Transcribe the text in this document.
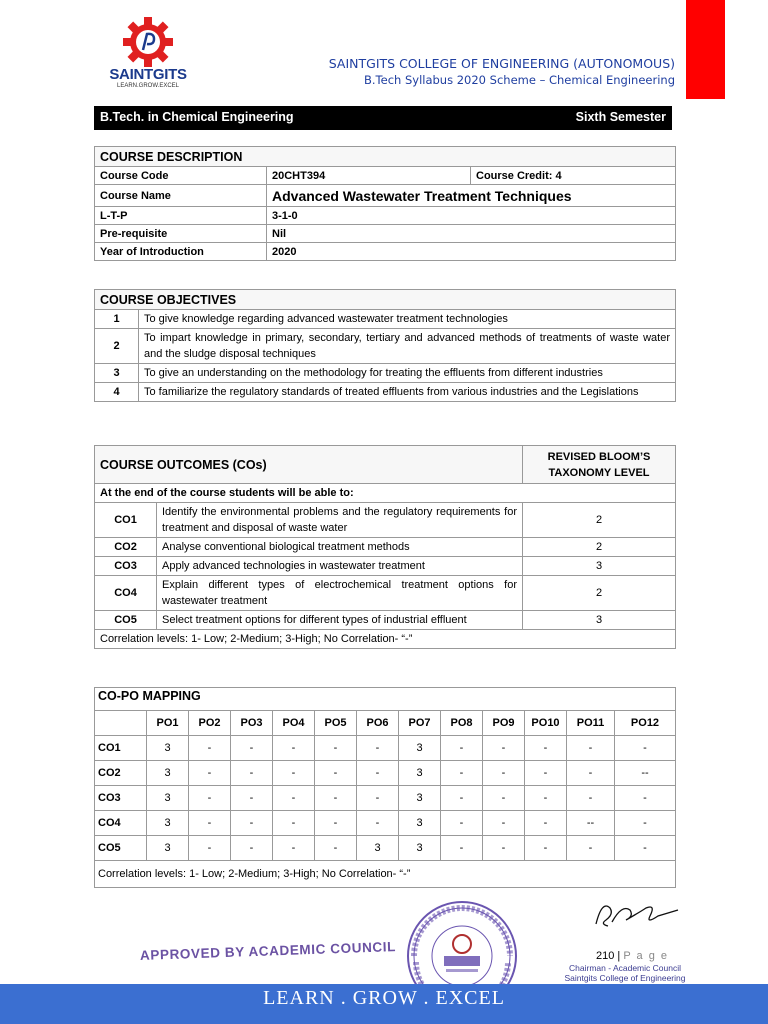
SAINTGITS
LEARN.GROW.EXCEL
SAINTGITS COLLEGE OF ENGINEERING (AUTONOMOUS)
B.Tech Syllabus 2020 Scheme – Chemical Engineering
B.Tech. in Chemical Engineering	Sixth Semester
COURSE DESCRIPTION		
Course Code	20CHT394	Course Credit: 4
Course Name	Advanced Wastewater Treatment Techniques	
L-T-P	3-1-0	
Pre-requisite	Nil	
Year of Introduction	2020	
COURSE OBJECTIVES	
1	To give knowledge regarding advanced wastewater treatment technologies
2	To impart knowledge in primary, secondary, tertiary and advanced methods of treatments of waste water and the sludge disposal techniques
3	To give an understanding on the methodology for treating the effluents from different industries
4	To familiarize the regulatory standards of treated effluents from various industries and the Legislations
COURSE OUTCOMES (COs)		REVISED BLOOM’S TAXONOMY LEVEL
At the end of the course students will be able to:		
CO1	Identify the environmental problems and the regulatory requirements for treatment and disposal of waste water	2
CO2	Analyse conventional biological treatment methods	2
CO3	Apply advanced technologies in wastewater treatment	3
CO4	Explain different types of electrochemical treatment options for wastewater treatment	2
CO5	Select treatment options for different types of industrial effluent	3
Correlation levels: 1- Low; 2-Medium; 3-High; No Correlation- “-”		
CO-PO MAPPING												
	PO1	PO2	PO3	PO4	PO5	PO6	PO7	PO8	PO9	PO10	PO11	PO12
CO1	3	-	-	-	-	-	3	-	-	-	-	-
CO2	3	-	-	-	-	-	3	-	-	-	-	--
CO3	3	-	-	-	-	-	3	-	-	-	-	-
CO4	3	-	-	-	-	-	3	-	-	-	--	-
CO5	3	-	-	-	-	3	3	-	-	-	-	-
Correlation levels: 1- Low; 2-Medium; 3-High; No Correlation- “-”												
APPROVED BY ACADEMIC COUNCIL	210 | P a g e
Chairman - Academic Council
Saintgits College of Engineering
LEARN . GROW . EXCEL
